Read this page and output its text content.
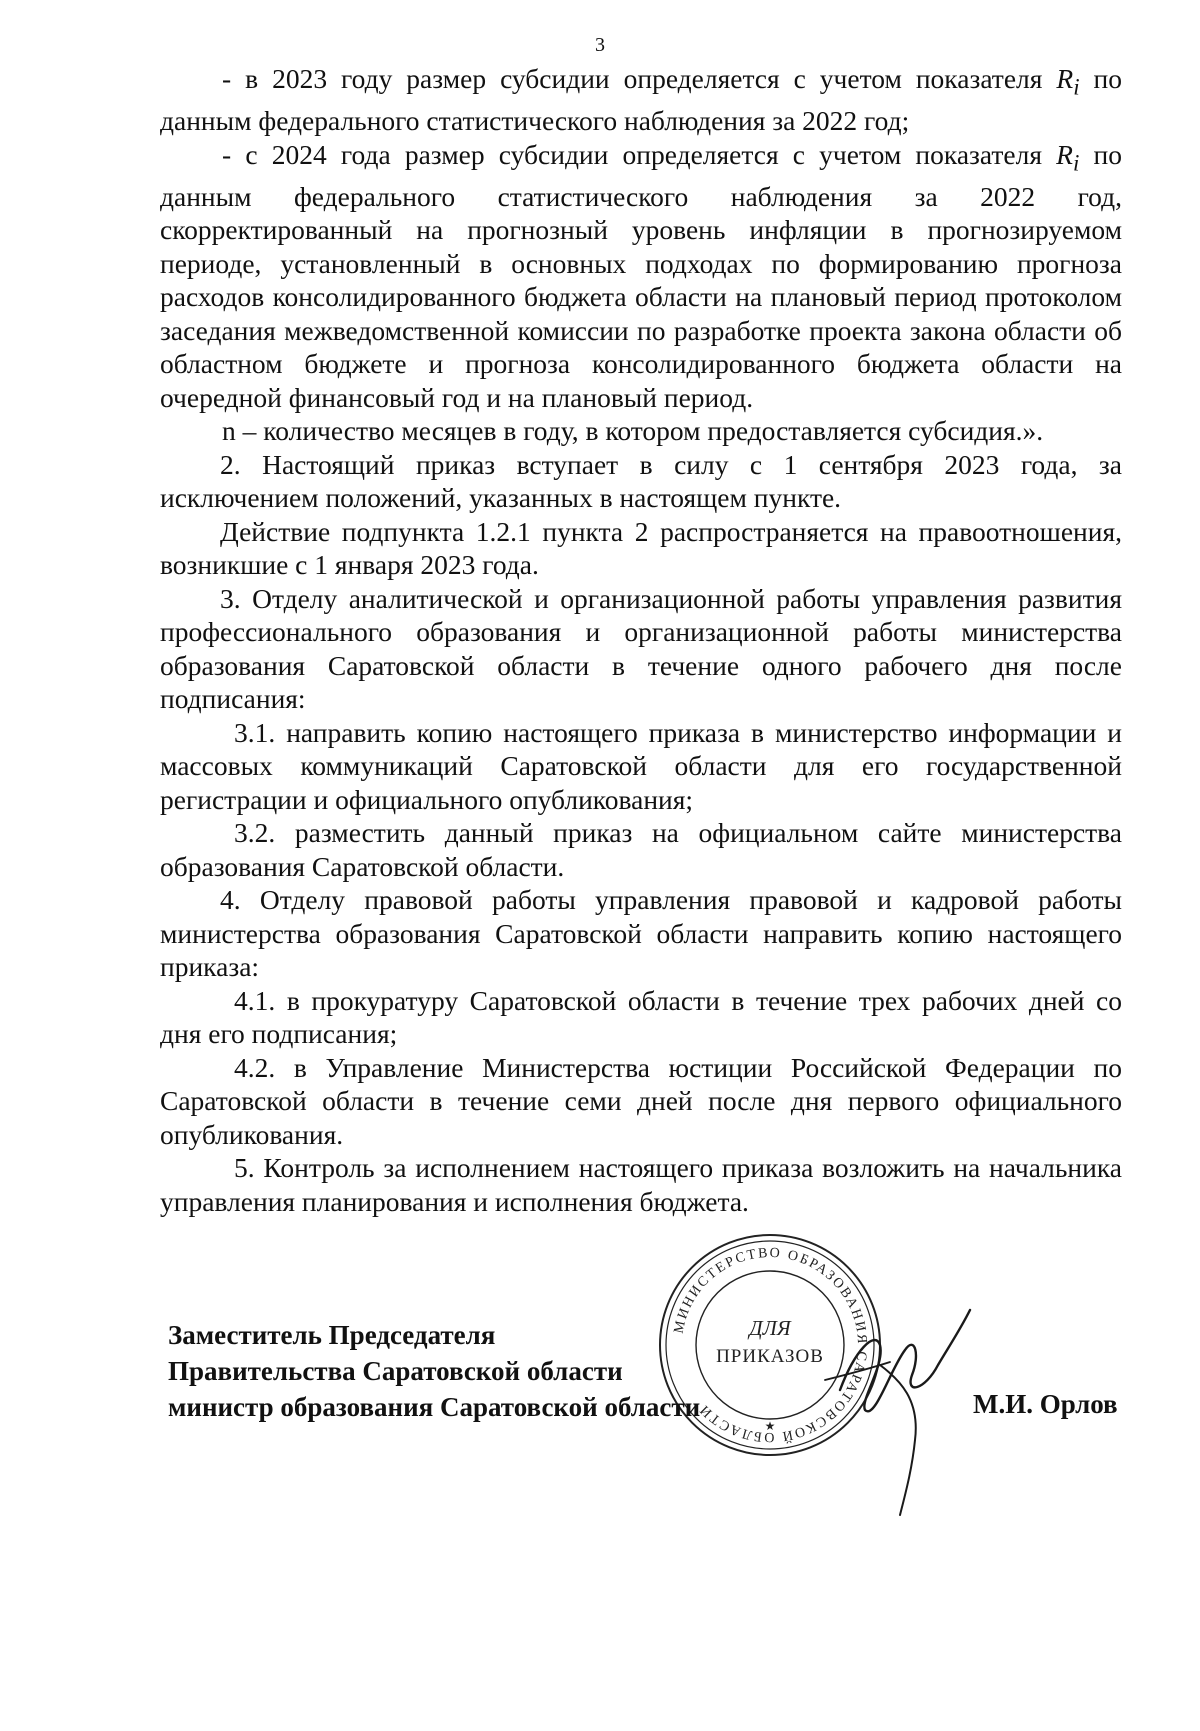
3

- в 2023 году размер субсидии определяется с учетом показателя $R_i$ по данным федерального статистического наблюдения за 2022 год;

- с 2024 года размер субсидии определяется с учетом показателя $R_i$ по данным федерального статистического наблюдения за 2022 год, скорректированный на прогнозный уровень инфляции в прогнозируемом периоде, установленный в основных подходах по формированию прогноза расходов консолидированного бюджета области на плановый период протоколом заседания межведомственной комиссии по разработке проекта закона области об областном бюджете и прогноза консолидированного бюджета области на очередной финансовый год и на плановый период.

n – количество месяцев в году, в котором предоставляется субсидия.».

2. Настоящий приказ вступает в силу с 1 сентября 2023 года, за исключением положений, указанных в настоящем пункте.

Действие подпункта 1.2.1 пункта 2 распространяется на правоотношения, возникшие с 1 января 2023 года.

3. Отделу аналитической и организационной работы управления развития профессионального образования и организационной работы министерства образования Саратовской области в течение одного рабочего дня после подписания:

3.1. направить копию настоящего приказа в министерство информации и массовых коммуникаций Саратовской области для его государственной регистрации и официального опубликования;

3.2. разместить данный приказ на официальном сайте министерства образования Саратовской области.

4. Отделу правовой работы управления правовой и кадровой работы министерства образования Саратовской области направить копию настоящего приказа:

4.1. в прокуратуру Саратовской области в течение трех рабочих дней со дня его подписания;

4.2. в Управление Министерства юстиции Российской Федерации по Саратовской области в течение семи дней после дня первого официального опубликования.

5. Контроль за исполнением настоящего приказа возложить на начальника управления планирования и исполнения бюджета.

МИНИСТЕРСТВО ОБРАЗОВАНИЯ САРАТОВСКОЙ ОБЛАСТИ
ДЛЯ
ПРИКАЗОВ
★
Заместитель Председателя
Правительства Саратовской области
министр образования Саратовской области	М.И. Орлов
